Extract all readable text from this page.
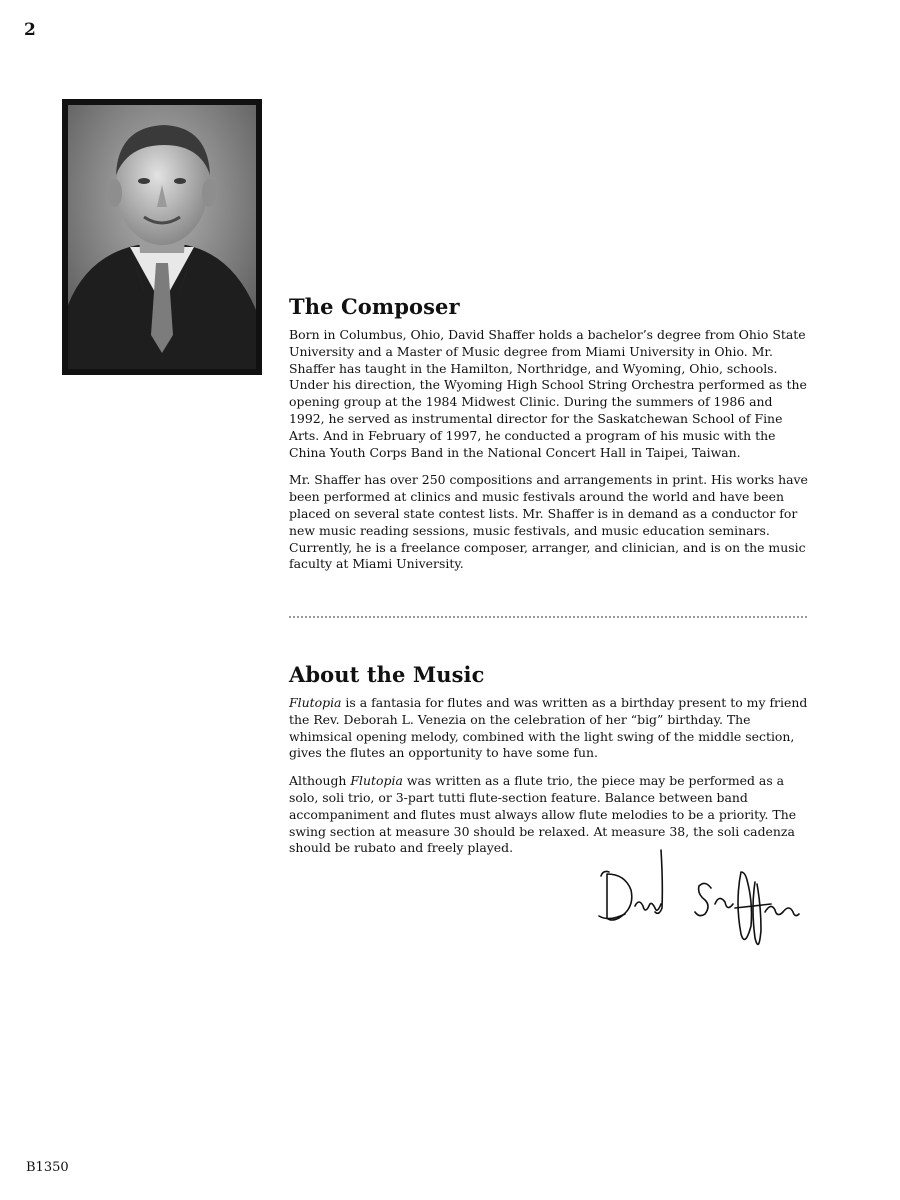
2
The Composer

Born in Columbus, Ohio, David Shaffer holds a bachelor’s degree from Ohio State University and a Master of Music degree from Miami University in Ohio. Mr. Shaffer has taught in the Hamilton, Northridge, and Wyoming, Ohio, schools. Under his direction, the Wyoming High School String Orchestra performed as the opening group at the 1984 Midwest Clinic. During the summers of 1986 and 1992, he served as instrumental director for the Saskatchewan School of Fine Arts. And in February of 1997, he conducted a program of his music with the China Youth Corps Band in the National Concert Hall in Taipei, Taiwan.

Mr. Shaffer has over 250 compositions and arrangements in print. His works have been performed at clinics and music festivals around the world and have been placed on several state contest lists. Mr. Shaffer is in demand as a conductor for new music reading sessions, music festivals, and music education seminars. Currently, he is a freelance composer, arranger, and clinician, and is on the music faculty at Miami University.

About the Music

Flutopia is a fantasia for flutes and was written as a birthday present to my friend the Rev. Deborah L. Venezia on the celebration of her “big” birthday. The whimsical opening melody, combined with the light swing of the middle section, gives the flutes an opportunity to have some fun.

Although Flutopia was written as a flute trio, the piece may be performed as a solo, soli trio, or 3-part tutti flute-section feature. Balance between band accompaniment and flutes must always allow flute melodies to be a priority. The swing section at measure 30 should be relaxed. At measure 38, the soli cadenza should be rubato and freely played.

B1350
